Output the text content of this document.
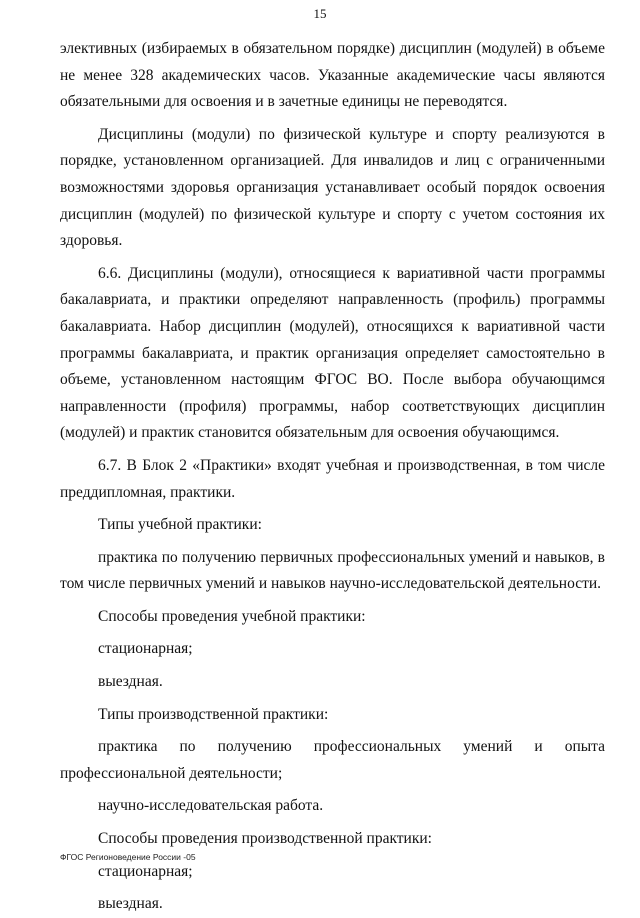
15

элективных (избираемых в обязательном порядке) дисциплин (модулей) в объеме не менее 328 академических часов. Указанные академические часы являются обязательными для освоения и в зачетные единицы не переводятся.

Дисциплины (модули) по физической культуре и спорту реализуются в порядке, установленном организацией. Для инвалидов и лиц с ограниченными возможностями здоровья организация устанавливает особый порядок освоения дисциплин (модулей) по физической культуре и спорту с учетом состояния их здоровья.

6.6. Дисциплины (модули), относящиеся к вариативной части программы бакалавриата, и практики определяют направленность (профиль) программы бакалавриата. Набор дисциплин (модулей), относящихся к вариативной части программы бакалавриата, и практик организация определяет самостоятельно в объеме, установленном настоящим ФГОС ВО. После выбора обучающимся направленности (профиля) программы, набор соответствующих дисциплин (модулей) и практик становится обязательным для освоения обучающимся.

6.7. В Блок 2 «Практики» входят учебная и производственная, в том числе преддипломная, практики.

Типы учебной практики:

практика по получению первичных профессиональных умений и навыков, в том числе первичных умений и навыков научно-исследовательской деятельности.

Способы проведения учебной практики:

стационарная;

выездная.

Типы производственной практики:

практика по получению профессиональных умений и опыта профессиональной деятельности;

научно-исследовательская работа.

Способы проведения производственной практики:

стационарная;

выездная.

ФГОС Регионоведение России -05
